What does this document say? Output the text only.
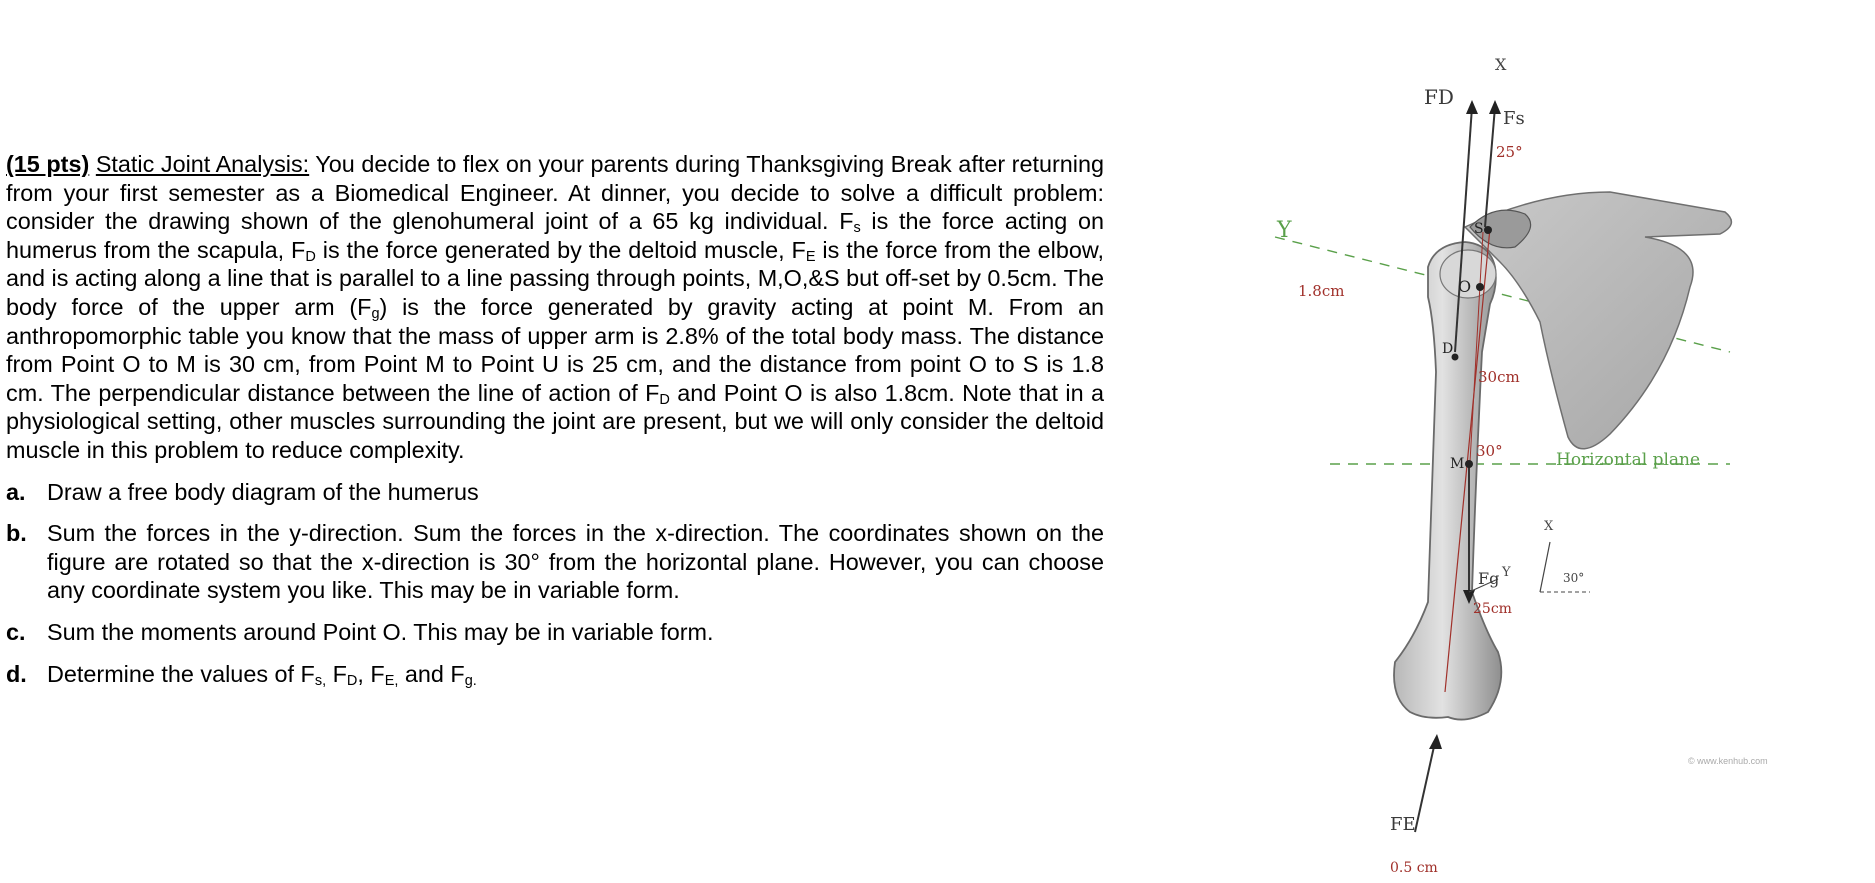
(15 pts) Static Joint Analysis: You decide to flex on your parents during Thanksgiving Break after returning from your first semester as a Biomedical Engineer. At dinner, you decide to solve a difficult problem: consider the drawing shown of the glenohumeral joint of a 65 kg individual. $F_s$ is the force acting on humerus from the scapula, $F_D$ is the force generated by the deltoid muscle, $F_E$ is the force from the elbow, and is acting along a line that is parallel to a line passing through points, M,O,&S but off-set by 0.5cm. The body force of the upper arm $(F_g)$ is the force generated by gravity acting at point M. From an anthropomorphic table you know that the mass of upper arm is 2.8% of the total body mass. The distance from Point O to M is 30 cm, from Point M to Point U is 25 cm, and the distance from point O to S is 1.8 cm. The perpendicular distance between the line of action of $F_D$ and Point O is also 1.8cm. Note that in a physiological setting, other muscles surrounding the joint are present, but we will only consider the deltoid muscle in this problem to reduce complexity.

a. Draw a free body diagram of the humerus
b. Sum the forces in the y-direction. Sum the forces in the x-direction. The coordinates shown on the figure are rotated so that the x-direction is 30° from the horizontal plane. However, you can choose any coordinate system you like. This may be in variable form.
c. Sum the moments around Point O. This may be in variable form.
d. Determine the values of $F_{s,}$ $F_D$, $F_{E,}$ and $F_{g.}$
FD
Fs
X
25°
Y
1.8cm	O
S
D
M
30cm
30°	Horizontal plane
Fg
25cm
Y
X
30°
FE
0.5 cm
© www.kenhub.com
